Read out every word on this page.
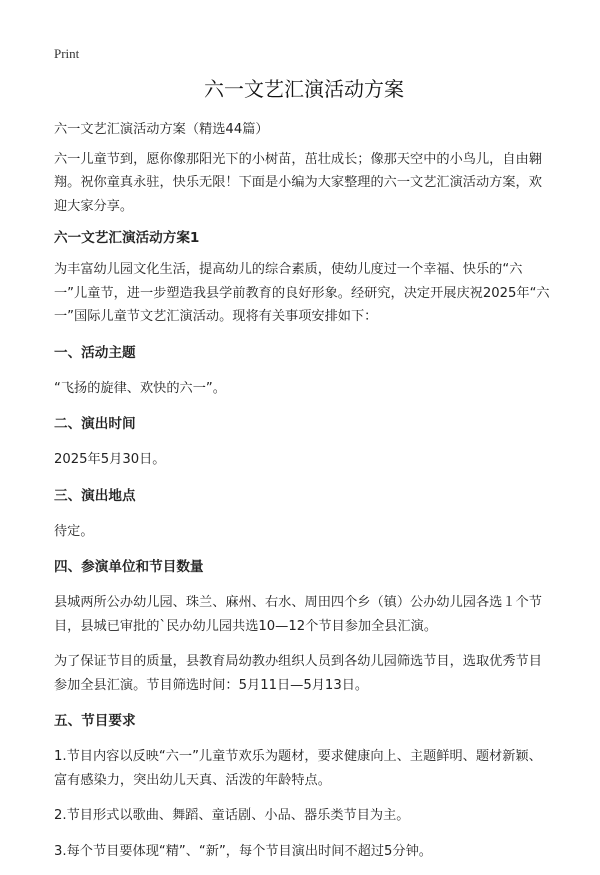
Print
六一文艺汇演活动方案

六一文艺汇演活动方案（精选44篇）

六一儿童节到，愿你像那阳光下的小树苗，茁壮成长；像那天空中的小鸟儿，自由翱翔。祝你童真永驻，快乐无限！下面是小编为大家整理的六一文艺汇演活动方案，欢迎大家分享。

六一文艺汇演活动方案1

为丰富幼儿园文化生活，提高幼儿的综合素质，使幼儿度过一个幸福、快乐的“六一”儿童节，进一步塑造我县学前教育的良好形象。经研究，决定开展庆祝2025年“六一”国际儿童节文艺汇演活动。现将有关事项安排如下：

一、活动主题

“飞扬的旋律、欢快的六一”。

二、演出时间

2025年5月30日。

三、演出地点

待定。

四、参演单位和节目数量

县城两所公办幼儿园、珠兰、麻州、右水、周田四个乡（镇）公办幼儿园各选１个节目，县城已审批的`民办幼儿园共选10—12个节目参加全县汇演。

为了保证节目的质量，县教育局幼教办组织人员到各幼儿园筛选节目，选取优秀节目参加全县汇演。节目筛选时间：5月11日—5月13日。

五、节目要求

1.节目内容以反映“六一”儿童节欢乐为题材，要求健康向上、主题鲜明、题材新颖、富有感染力，突出幼儿天真、活泼的年龄特点。

2.节目形式以歌曲、舞蹈、童话剧、小品、器乐类节目为主。

3.每个节目要体现“精”、“新”，每个节目演出时间不超过5分钟。
